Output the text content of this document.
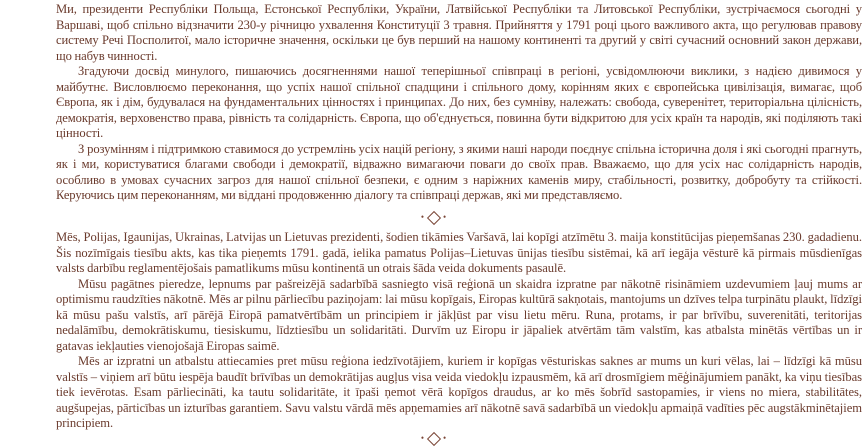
Ми, президенти Республіки Польща, Естонської Республіки, України, Латвійської Республіки та Литовської Республіки, зустрічаємося сьогодні у Варшаві, щоб спільно відзначити 230-у річницю ухвалення Конституції 3 травня. Прийняття у 1791 році цього важливого акта, що регулював правову систему Речі Посполитої, мало історичне значення, оскільки це був перший на нашому континенті та другий у світі сучасний основний закон держави, що набув чинності.

Згадуючи досвід минулого, пишаючись досягненнями нашої теперішньої співпраці в регіоні, усвідомлюючи виклики, з надією дивимося у майбутнє. Висловлюємо переконання, що успіх нашої спільної спадщини і спільного дому, корінням яких є європейська цивілізація, вимагає, щоб Європа, як і дім, будувалася на фундаментальних цінностях і принципах. До них, без сумніву, належать: свобода, суверенітет, територіальна цілісність, демократія, верховенство права, рівність та солідарність. Європа, що об'єднується, повинна бути відкритою для усіх країн та народів, які поділяють такі цінності.

З розумінням і підтримкою ставимося до устремлінь усіх націй регіону, з якими наші народи поєднує спільна історична доля і які сьогодні прагнуть, як і ми, користуватися благами свободи і демократії, відважно вимагаючи поваги до своїх прав. Вважаємо, що для усіх нас солідарність народів, особливо в умовах сучасних загроз для нашої спільної безпеки, є одним з наріжних каменів миру, стабільності, розвитку, добробуту та стійкості. Керуючись цим переконанням, ми віддані продовженню діалогу та співпраці держав, які ми представляємо.

• •

Mēs, Polijas, Igaunijas, Ukrainas, Latvijas un Lietuvas prezidenti, šodien tikāmies Varšavā, lai kopīgi atzīmētu 3. maija konstitūcijas pieņemšanas 230. gadadienu. Šis nozīmīgais tiesību akts, kas tika pieņemts 1791. gadā, ielika pamatus Polijas–Lietuvas ūnijas tiesību sistēmai, kā arī iegāja vēsturē kā pirmais mūsdienīgas valsts darbību reglamentējošais pamatlikums mūsu kontinentā un otrais šāda veida dokuments pasaulē.

Mūsu pagātnes pieredze, lepnums par pašreizējā sadarbībā sasniegto visā reģionā un skaidra izpratne par nākotnē risināmiem uzdevumiem ļauj mums ar optimismu raudzīties nākotnē. Mēs ar pilnu pārliecību paziņojam: lai mūsu kopīgais, Eiropas kultūrā sakņotais, mantojums un dzīves telpa turpinātu plaukt, līdzīgi kā mūsu pašu valstīs, arī pārējā Eiropā pamatvērtībām un principiem ir jākļūst par visu lietu mēru. Runa, protams, ir par brīvību, suverenitāti, teritorijas nedalāmību, demokrātiskumu, tiesiskumu, līdztiesību un solidaritāti. Durvīm uz Eiropu ir jāpaliek atvērtām tām valstīm, kas atbalsta minētās vērtības un ir gatavas iekļauties vienojošajā Eiropas saimē.

Mēs ar izpratni un atbalstu attiecamies pret mūsu reģiona iedzīvotājiem, kuriem ir kopīgas vēsturiskas saknes ar mums un kuri vēlas, lai – līdzīgi kā mūsu valstīs – viņiem arī būtu iespēja baudīt brīvības un demokrātijas augļus visa veida viedokļu izpausmēm, kā arī drosmīgiem mēģinājumiem panākt, ka viņu tiesības tiek ievērotas. Esam pārliecināti, ka tautu solidaritāte, it īpaši ņemot vērā kopīgos draudus, ar ko mēs šobrīd sastopamies, ir viens no miera, stabilitātes, augšupejas, pārticības un izturības garantiem. Savu valstu vārdā mēs apņemamies arī nākotnē savā sadarbībā un viedokļu apmaiņā vadīties pēc augstākminētajiem principiem.

• •
